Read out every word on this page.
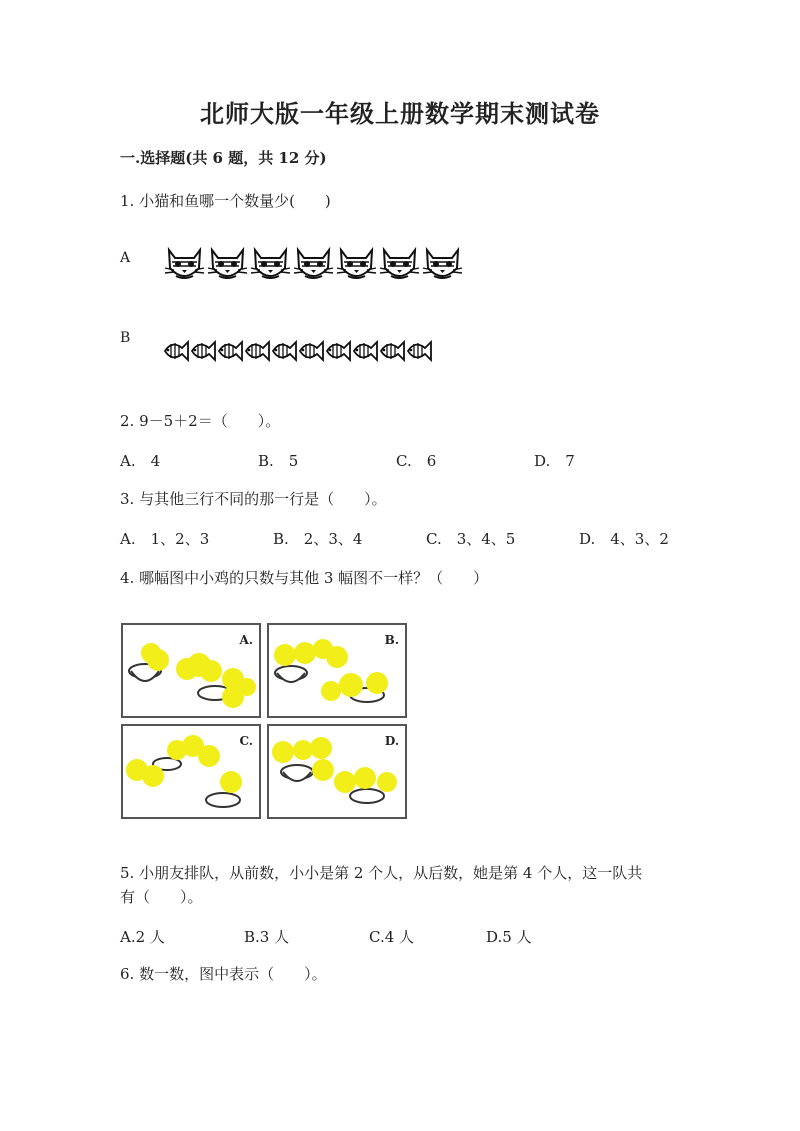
北师大版一年级上册数学期末测试卷
一.选择题(共 6 题，共 12 分)
1. 小猫和鱼哪一个数量少(　　)
A
B
2. 9－5＋2＝（　　）。
A.　4	B.　5	C.　6	D.　7
3. 与其他三行不同的那一行是（　　）。
A.　1、2、3	B.　2、3、4	C.　3、4、5	D.　4、3、2
4. 哪幅图中小鸡的只数与其他 3 幅图不一样？（　　）
A.	B.
C.	D.
5. 小朋友排队，从前数，小小是第 2 个人，从后数，她是第 4 个人，这一队共
有（　　）。
A.2 人	B.3 人	C.4 人	D.5 人
6. 数一数，图中表示（　　）。
